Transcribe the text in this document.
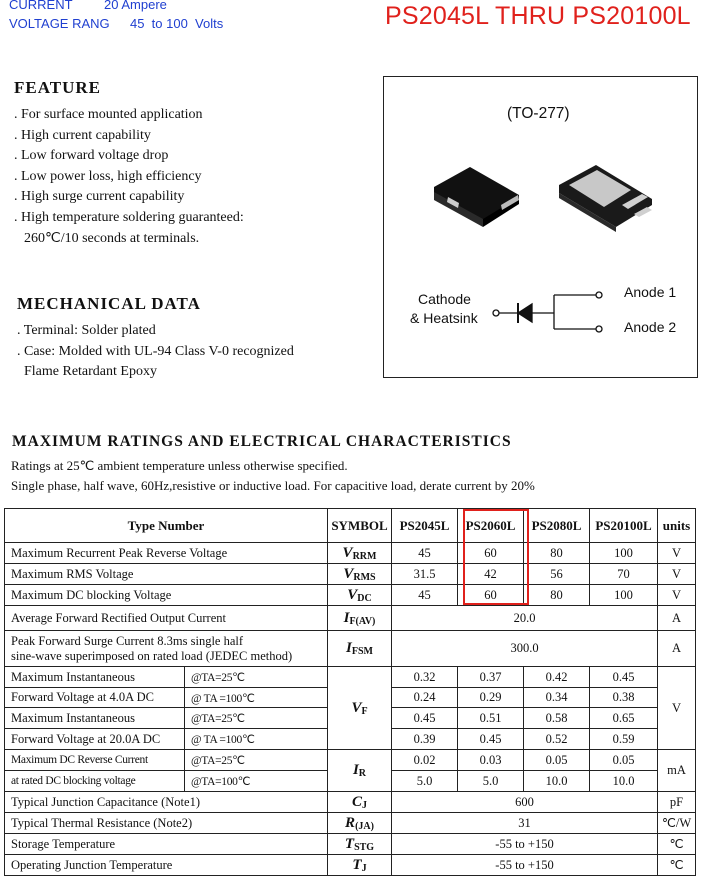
CURRENT 20 Ampere
VOLTAGE RANG 45  to 100  Volts	PS2045L THRU PS20100L
FEATURE
. For surface mounted application
. High current capability
. Low forward voltage drop
. Low power loss, high efficiency
. High surge current capability
. High temperature soldering guaranteed:
260℃/10 seconds at terminals.
MECHANICAL DATA
. Terminal: Solder plated
. Case: Molded with UL-94 Class V-0 recognized
Flame Retardant Epoxy
(TO-277)
Cathode
& Heatsink
Anode 1
Anode 2
MAXIMUM RATINGS AND ELECTRICAL CHARACTERISTICS
Ratings at 25℃ ambient temperature unless otherwise specified.
Single phase, half wave, 60Hz,resistive or inductive load. For capacitive load, derate current by 20%
Type Number		SYMBOL	PS2045L	PS2060L	PS2080L	PS20100L	units
Maximum Recurrent Peak Reverse Voltage		$V_{RRM}$	45	60	80	100	V
Maximum RMS Voltage		$V_{RMS}$	31.5	42	56	70	V
Maximum DC blocking Voltage		$V_{DC}$	45	60	80	100	V
Average Forward Rectified Output Current		$I_{F(AV)}$	20.0				A

Peak Forward Surge Current 8.3ms single half
sine-wave superimposed on rated load (JEDEC method)		$I_{FSM}$	300.0				A
Maximum Instantaneous	@TA=25℃	$V_F$	0.32	0.37	0.42	0.45	V
Forward Voltage at 4.0A DC	@ TA =100℃		0.24	0.29	0.34	0.38	
Maximum Instantaneous	@TA=25℃		0.45	0.51	0.58	0.65	
Forward Voltage at 20.0A DC	@ TA =100℃		0.39	0.45	0.52	0.59	
Maximum DC Reverse Current	@TA=25℃	$I_R$	0.02	0.03	0.05	0.05	mA
at rated DC blocking voltage	@TA=100℃		5.0	5.0	10.0	10.0	
Typical Junction Capacitance (Note1)		$C_J$	600				pF
Typical Thermal Resistance (Note2)		$R_{(JA)}$	31				℃/W
Storage Temperature		$T_{STG}$	-55 to +150				℃
Operating Junction Temperature		$T_J$	-55 to +150				℃
